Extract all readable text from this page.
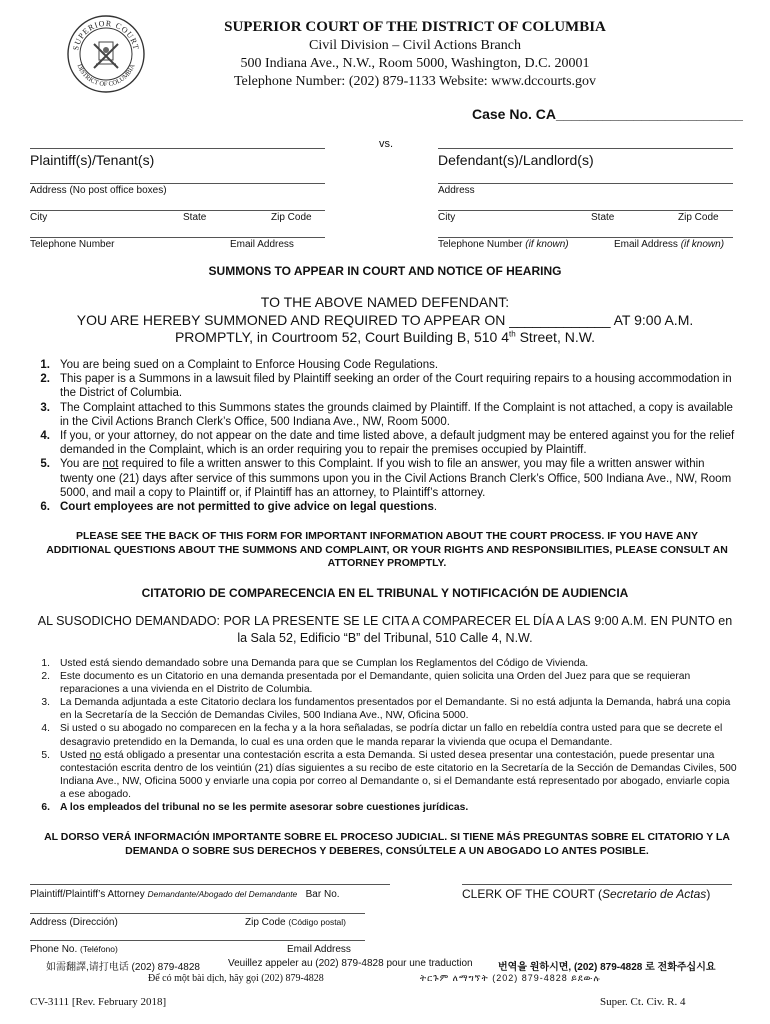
SUPERIOR COURT
DISTRICT OF COLUMBIA
SUPERIOR COURT OF THE DISTRICT OF COLUMBIA
Civil Division – Civil Actions Branch
500 Indiana Ave., N.W., Room 5000, Washington, D.C. 20001
Telephone Number: (202) 879-1133 Website: www.dccourts.gov
Case No. CA________________________
vs.
Plaintiff(s)/Tenant(s)	Defendant(s)/Landlord(s)
Address (No post office boxes)	Address
City	State	Zip Code	City	State	Zip Code
Telephone Number	Email Address	Telephone Number (if known)	Email Address (if known)
SUMMONS TO APPEAR IN COURT AND NOTICE OF HEARING
TO THE ABOVE NAMED DEFENDANT:
YOU ARE HEREBY SUMMONED AND REQUIRED TO APPEAR ON _____________ AT 9:00 A.M.
PROMPTLY, in Courtroom 52, Court Building B, 510 4th Street, N.W.
1. You are being sued on a Complaint to Enforce Housing Code Regulations.
2. This paper is a Summons in a lawsuit filed by Plaintiff seeking an order of the Court requiring repairs to a housing accommodation in the District of Columbia.
3. The Complaint attached to this Summons states the grounds claimed by Plaintiff. If the Complaint is not attached, a copy is available in the Civil Actions Branch Clerk’s Office, 500 Indiana Ave., NW, Room 5000.
4. If you, or your attorney, do not appear on the date and time listed above, a default judgment may be entered against you for the relief demanded in the Complaint, which is an order requiring you to repair the premises occupied by Plaintiff.
5. You are not required to file a written answer to this Complaint. If you wish to file an answer, you may file a written answer within twenty one (21) days after service of this summons upon you in the Civil Actions Branch Clerk’s Office, 500 Indiana Ave., NW, Room 5000, and mail a copy to Plaintiff or, if Plaintiff has an attorney, to Plaintiff’s attorney.
6. Court employees are not permitted to give advice on legal questions.
PLEASE SEE THE BACK OF THIS FORM FOR IMPORTANT INFORMATION ABOUT THE COURT PROCESS. IF YOU HAVE ANY ADDITIONAL QUESTIONS ABOUT THE SUMMONS AND COMPLAINT, OR YOUR RIGHTS AND RESPONSIBILITIES, PLEASE CONSULT AN ATTORNEY PROMPTLY.
CITATORIO DE COMPARECENCIA EN EL TRIBUNAL Y NOTIFICACIÓN DE AUDIENCIA
AL SUSODICHO DEMANDADO: POR LA PRESENTE SE LE CITA A COMPARECER EL DÍA A LAS 9:00 A.M. EN PUNTO en
la Sala 52, Edificio “B” del Tribunal, 510 Calle 4, N.W.
1. Usted está siendo demandado sobre una Demanda para que se Cumplan los Reglamentos del Código de Vivienda.
2. Este documento es un Citatorio en una demanda presentada por el Demandante, quien solicita una Orden del Juez para que se requieran reparaciones a una vivienda en el Distrito de Columbia.
3. La Demanda adjuntada a este Citatorio declara los fundamentos presentados por el Demandante. Si no está adjunta la Demanda, habrá una copia en la Secretaría de la Sección de Demandas Civiles, 500 Indiana Ave., NW, Oficina 5000.
4. Si usted o su abogado no comparecen en la fecha y a la hora señaladas, se podría dictar un fallo en rebeldía contra usted para que se decrete el desagravio pretendido en la Demanda, lo cual es una orden que le manda reparar la vivienda que ocupa el Demandante.
5. Usted no está obligado a presentar una contestación escrita a esta Demanda. Si usted desea presentar una contestación, puede presentar una contestación escrita dentro de los veintiún (21) días siguientes a su recibo de este citatorio en la Secretaría de la Sección de Demandas Civiles, 500 Indiana Ave., NW, Oficina 5000 y enviarle una copia por correo al Demandante o, si el Demandante está representado por abogado, enviarle copia a ese abogado.
6. A los empleados del tribunal no se les permite asesorar sobre cuestiones jurídicas.
AL DORSO VERÁ INFORMACIÓN IMPORTANTE SOBRE EL PROCESO JUDICIAL. SI TIENE MÁS PREGUNTAS SOBRE EL CITATORIO Y LA DEMANDA O SOBRE SUS DERECHOS Y DEBERES, CONSÚLTELE A UN ABOGADO LO ANTES POSIBLE.
Plaintiff/Plaintiff’s Attorney Demandante/Abogado del Demandante Bar No.	CLERK OF THE COURT (Secretario de Actas)
Address (Dirección)	Zip Code (Código postal)
Phone No. (Teléfono)	Email Address
如需翻譯,请打电话 (202) 879-4828	Veuillez appeler au (202) 879-4828 pour une traduction	번역을 원하시면, (202) 879-4828 로 전화주십시요
Để có một bài dịch, hãy gọi (202) 879-4828	ትርጉም ለማግኘት (202) 879-4828 ይደውሉ
CV-3111 [Rev. February 2018]	Super. Ct. Civ. R. 4
